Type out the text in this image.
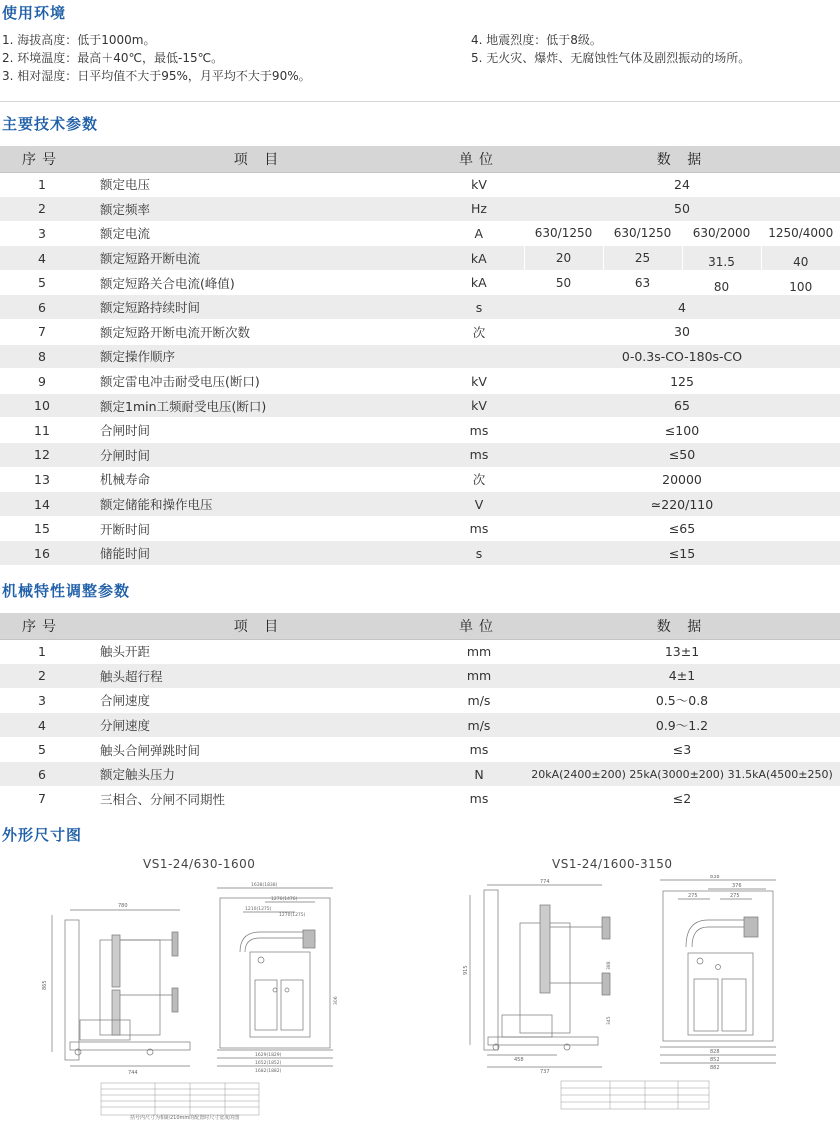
使用环境
1. 海拔高度：低于1000m。
2. 环境温度：最高＋40℃，最低-15℃。
3. 相对湿度：日平均值不大于95%，月平均不大于90%。
4. 地震烈度：低于8级。
5. 无火灾、爆炸、无腐蚀性气体及剧烈振动的场所。
主要技术参数
序号	项 目	单位	数 据			
1	额定电压	kV	24			
2	额定频率	Hz	50			
3	额定电流	A	630/1250	630/1250	630/2000	1250/4000
4	额定短路开断电流	kA	20	25	31.5	40
5	额定短路关合电流(峰值)	kA	50	63	80	100
6	额定短路持续时间	s	4			
7	额定短路开断电流开断次数	次	30			
8	额定操作顺序		0-0.3s-CO-180s-CO			
9	额定雷电冲击耐受电压(断口)	kV	125			
10	额定1min工频耐受电压(断口)	kV	65			
11	合闸时间	ms	≤100			
12	分闸时间	ms	≤50			
13	机械寿命	次	20000			
14	额定储能和操作电压	V	≃220/110			
15	开断时间	ms	≤65			
16	储能时间	s	≤15			
机械特性调整参数
序号	项 目	单位	数 据
1	触头开距	mm	13±1
2	触头超行程	mm	4±1
3	合闸速度	m/s	0.5～0.8
4	分闸速度	m/s	0.9～1.2
5	触头合闸弹跳时间	ms	≤3
6	额定触头压力	N	20kA(2400±200) 25kA(3000±200) 31.5kA(4500±250)
7	三相合、分闸不同期性	ms	≤2
外形尺寸图
VS1-24/630-1600	VS1-24/1600-3150
780
865
744
1638(1838)
1276(1476)
1210(1275)
1270(1275)
1629(1829)
1652(1852)
1682(1882)
306
括号内尺寸为相距210mm的配置时尺寸宽度的图
774
915	388
345
458
737
838
376
275	275
828
852
882
